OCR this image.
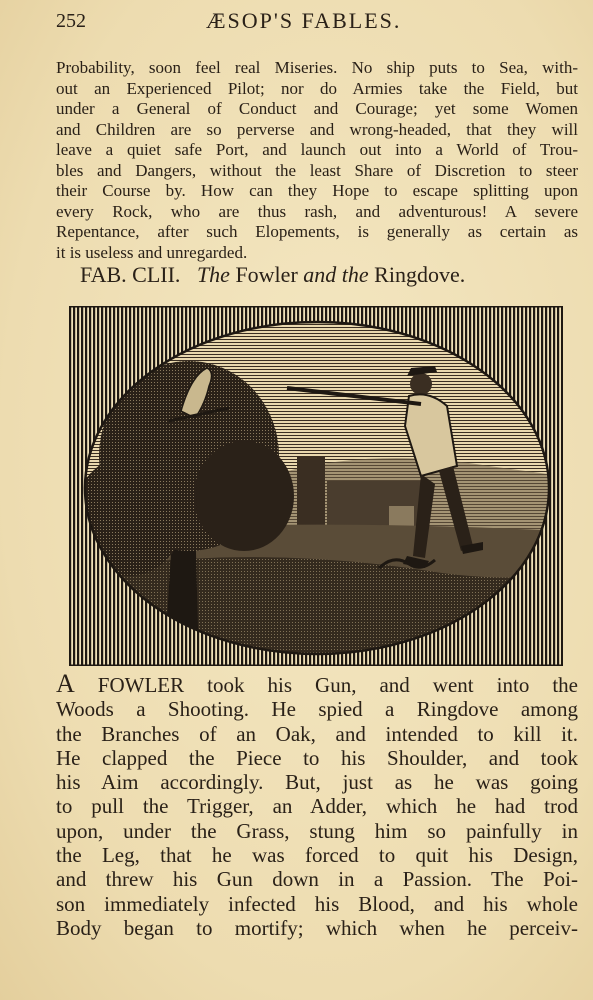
252	ÆSOP'S FABLES.
Probability, soon feel real Miseries. No ship puts to Sea, with-
out an Experienced Pilot; nor do Armies take the Field, but
under a General of Conduct and Courage; yet some Women
and Children are so perverse and wrong-headed, that they will
leave a quiet safe Port, and launch out into a World of Trou-
bles and Dangers, without the least Share of Discretion to steer
their Course by. How can they Hope to escape splitting upon
every Rock, who are thus rash, and adventurous! A severe
Repentance, after such Elopements, is generally as certain as
it is useless and unregarded.
FAB. CLII. The Fowler and the Ringdove.
A FOWLER took his Gun, and went into the
Woods a Shooting. He spied a Ringdove among
the Branches of an Oak, and intended to kill it.
He clapped the Piece to his Shoulder, and took
his Aim accordingly. But, just as he was going
to pull the Trigger, an Adder, which he had trod
upon, under the Grass, stung him so painfully in
the Leg, that he was forced to quit his Design,
and threw his Gun down in a Passion. The Poi-
son immediately infected his Blood, and his whole
Body began to mortify; which when he perceiv-
